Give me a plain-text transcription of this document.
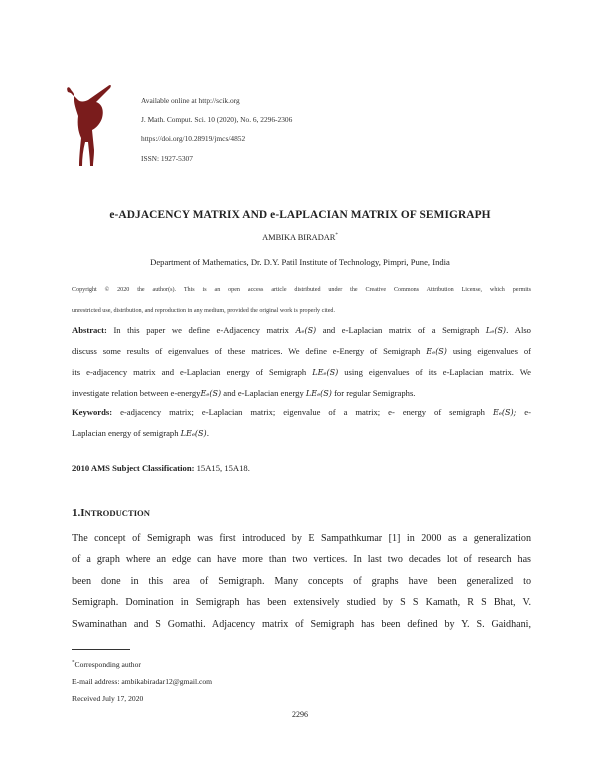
Available online at http://scik.org
J. Math. Comput. Sci. 10 (2020), No. 6, 2296-2306
https://doi.org/10.28919/jmcs/4852
ISSN: 1927-5307
e-ADJACENCY MATRIX AND e-LAPLACIAN MATRIX OF SEMIGRAPH
AMBIKA BIRADAR*
Department of Mathematics, Dr. D.Y. Patil Institute of Technology, Pimpri, Pune, India
Copyright © 2020 the author(s). This is an open access article distributed under the Creative Commons Attribution License, which permits
unrestricted use, distribution, and reproduction in any medium, provided the original work is properly cited.
Abstract: In this paper we define e-Adjacency matrix Aₑ(S) and e-Laplacian matrix of a Semigraph Lₑ(S). Also
discuss some results of eigenvalues of these matrices. We define e-Energy of Semigraph Eₑ(S) using eigenvalues of
its e-adjacency matrix and e-Laplacian energy of Semigraph LEₑ(S) using eigenvalues of its e-Laplacian matrix. We
investigate relation between e-energyEₑ(S) and e-Laplacian energy LEₑ(S) for regular Semigraphs.
Keywords: e-adjacency matrix; e-Laplacian matrix; eigenvalue of a matrix; e- energy of semigraph Eₑ(S); e-
Laplacian energy of semigraph LEₑ(S).
2010 AMS Subject Classification: 15A15, 15A18.
1.INTRODUCTION
The concept of Semigraph was first introduced by E Sampathkumar [1] in 2000 as a generalization
of a graph where an edge can have more than two vertices. In last two decades lot of research has
been done in this area of Semigraph. Many concepts of graphs have been generalized to
Semigraph. Domination in Semigraph has been extensively studied by S S Kamath, R S Bhat, V.
Swaminathan and S Gomathi. Adjacency matrix of Semigraph has been defined by Y. S. Gaidhani,
*Corresponding author
E-mail address: ambikabiradar12@gmail.com
Received July 17, 2020
2296
